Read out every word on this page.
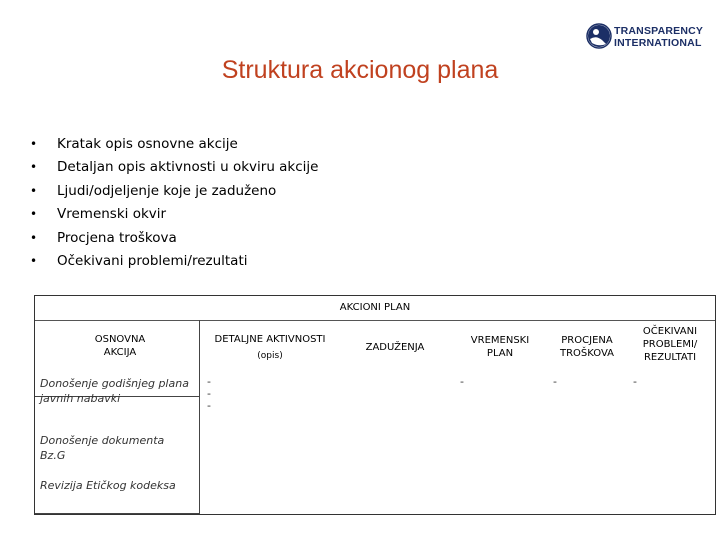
TRANSPARENCY
INTERNATIONAL
Struktura akcionog plana
• Kratak opis osnovne akcije
• Detaljan opis aktivnosti u okviru akcije
• Ljudi/odjeljenje koje je zaduženo
• Vremenski okvir
• Procjena troškova
• Očekivani problemi/rezultati
AKCIONI PLAN
OSNOVNA
AKCIJA
DETALJNE AKTIVNOSTI
(opis)
ZADUŽENJA
VREMENSKI
PLAN
PROCJENA
TROŠKOVA
OČEKIVANI
PROBLEMI/
REZULTATI
Donošenje godišnjeg plana
javnih nabavki
Donošenje dokumenta
Bz.G
Revizija Etičkog kodeksa
-
-
-
-	-	-
